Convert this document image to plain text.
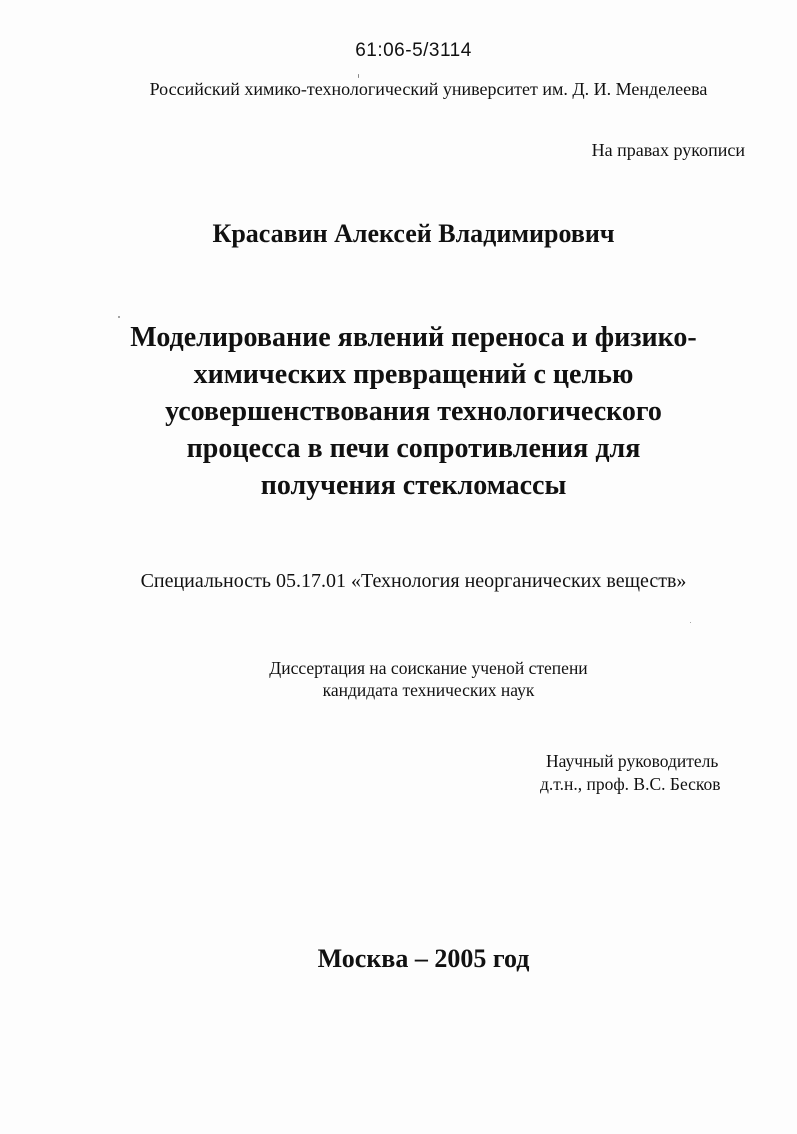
61:06-5/3114
Российский химико-технологический университет им. Д. И. Менделеева
На правах рукописи
Красавин Алексей Владимирович
Моделирование явлений переноса и физико-
химических превращений с целью
усовершенствования технологического
процесса в печи сопротивления для
получения стекломассы
Специальность 05.17.01 «Технология неорганических веществ»
Диссертация на соискание ученой степени
кандидата технических наук
Научный руководитель
д.т.н., проф. В.С. Бесков
Москва – 2005 год
